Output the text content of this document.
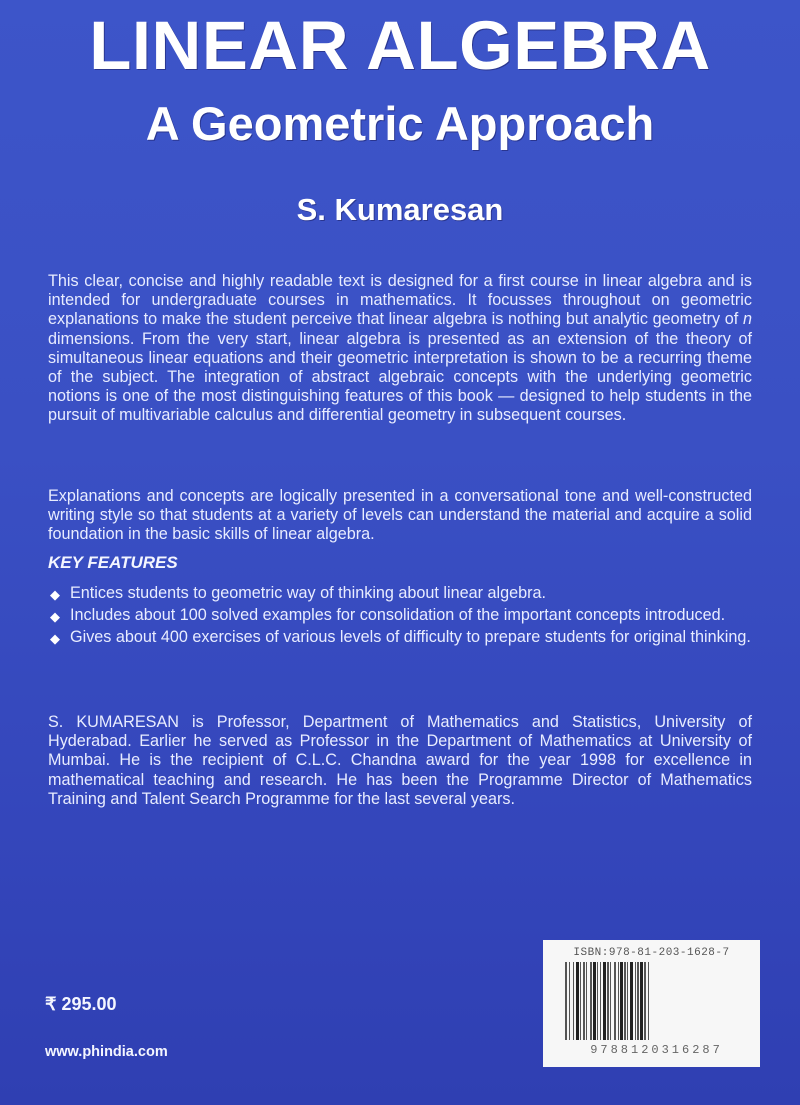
LINEAR ALGEBRA
A Geometric Approach
S. Kumaresan

This clear, concise and highly readable text is designed for a first course in linear algebra and is intended for undergraduate courses in mathematics. It focusses throughout on geometric explanations to make the student perceive that linear algebra is nothing but analytic geometry of n dimensions. From the very start, linear algebra is presented as an extension of the theory of simultaneous linear equations and their geometric interpretation is shown to be a recurring theme of the subject. The integration of abstract algebraic concepts with the underlying geometric notions is one of the most distinguishing features of this book — designed to help students in the pursuit of multivariable calculus and differential geometry in subsequent courses.

Explanations and concepts are logically presented in a conversational tone and well-constructed writing style so that students at a variety of levels can understand the material and acquire a solid foundation in the basic skills of linear algebra.

KEY FEATURES
◆ Entices students to geometric way of thinking about linear algebra.
◆ Includes about 100 solved examples for consolidation of the important concepts introduced.
◆ Gives about 400 exercises of various levels of difficulty to prepare students for original thinking.

S. KUMARESAN is Professor, Department of Mathematics and Statistics, University of Hyderabad. Earlier he served as Professor in the Department of Mathematics at University of Mumbai. He is the recipient of C.L.C. Chandna award for the year 1998 for excellence in mathematical teaching and research. He has been the Programme Director of Mathematics Training and Talent Search Programme for the last several years.

₹ 295.00
www.phindia.com
ISBN:978-81-203-1628-7
9788120316287
